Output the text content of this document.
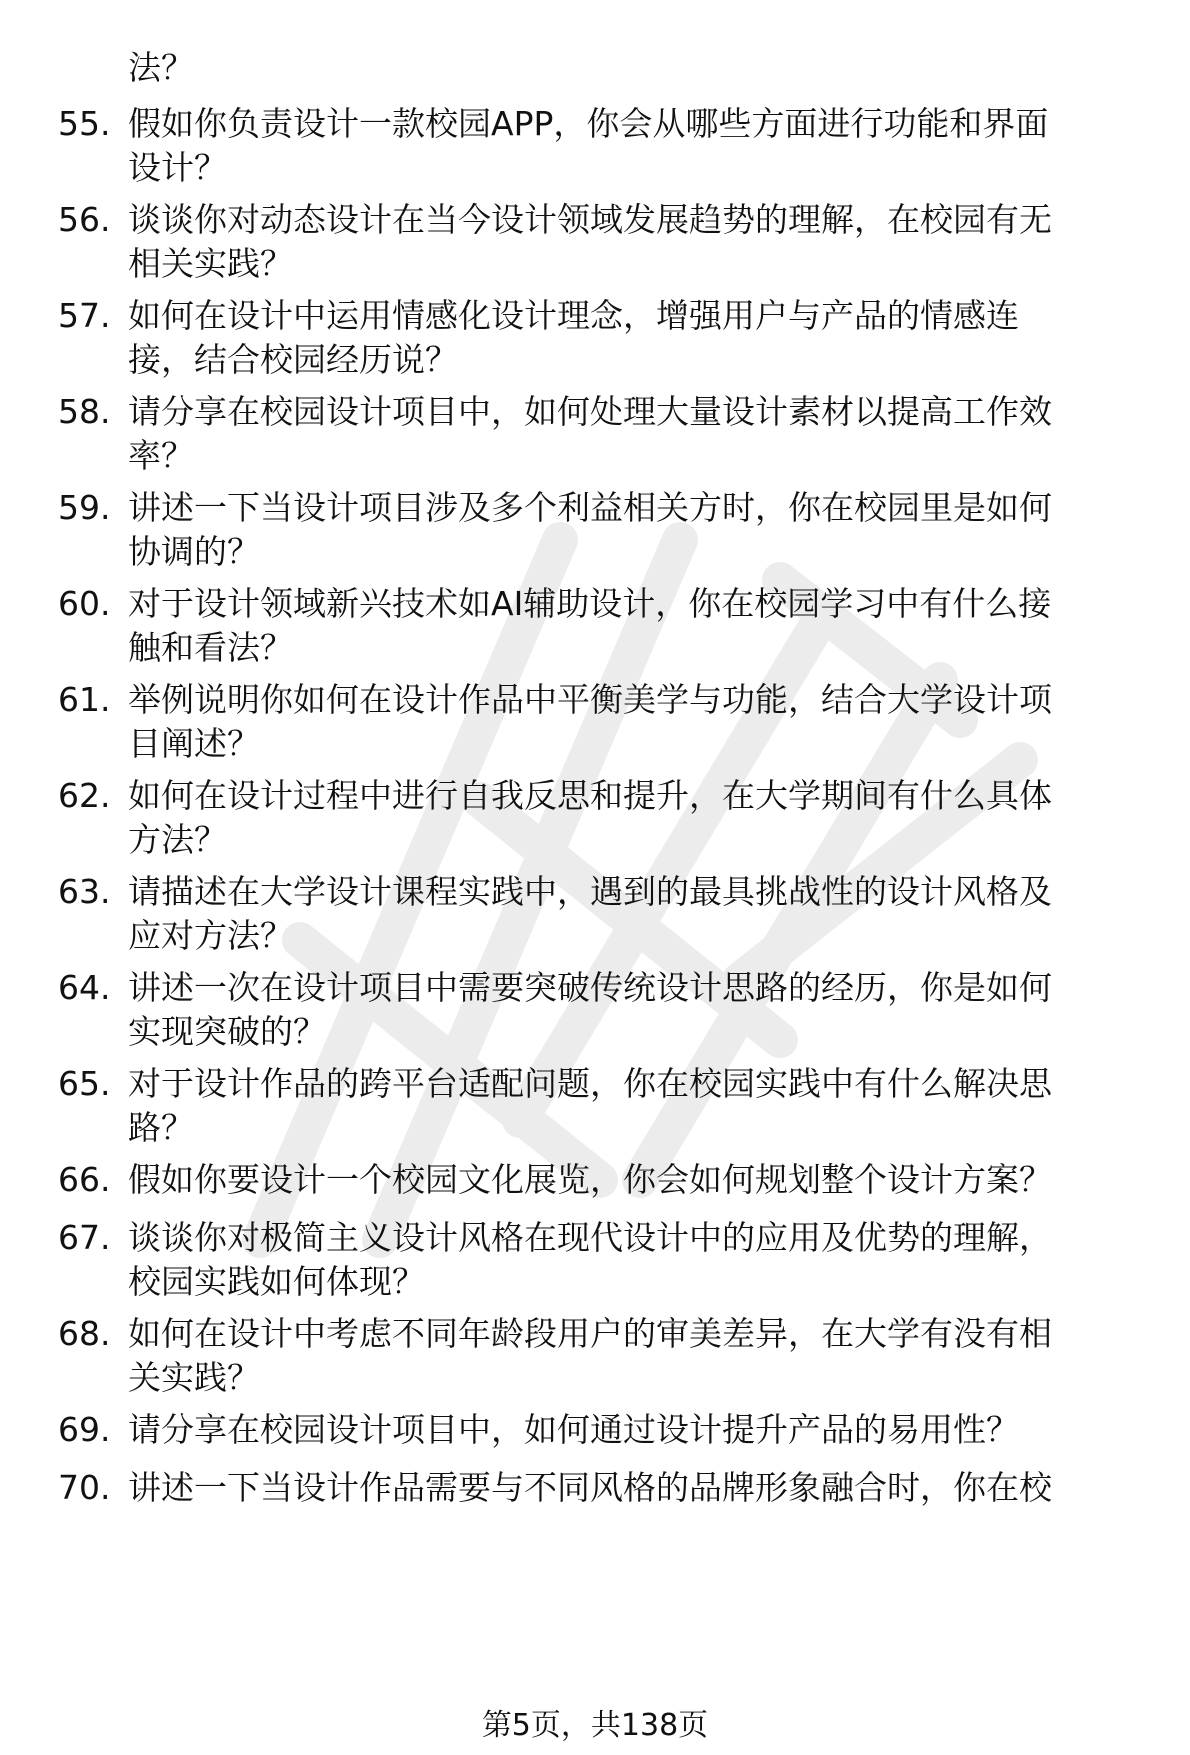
法？
55. 假如你负责设计一款校园APP，你会从哪些方面进行功能和界面
设计？
56. 谈谈你对动态设计在当今设计领域发展趋势的理解，在校园有无
相关实践？
57. 如何在设计中运用情感化设计理念，增强用户与产品的情感连
接，结合校园经历说？
58. 请分享在校园设计项目中，如何处理大量设计素材以提高工作效
率？
59. 讲述一下当设计项目涉及多个利益相关方时，你在校园里是如何
协调的？
60. 对于设计领域新兴技术如AI辅助设计，你在校园学习中有什么接
触和看法？
61. 举例说明你如何在设计作品中平衡美学与功能，结合大学设计项
目阐述？
62. 如何在设计过程中进行自我反思和提升，在大学期间有什么具体
方法？
63. 请描述在大学设计课程实践中，遇到的最具挑战性的设计风格及
应对方法？
64. 讲述一次在设计项目中需要突破传统设计思路的经历，你是如何
实现突破的？
65. 对于设计作品的跨平台适配问题，你在校园实践中有什么解决思
路？
66. 假如你要设计一个校园文化展览，你会如何规划整个设计方案？
67. 谈谈你对极简主义设计风格在现代设计中的应用及优势的理解，
校园实践如何体现？
68. 如何在设计中考虑不同年龄段用户的审美差异，在大学有没有相
关实践？
69. 请分享在校园设计项目中，如何通过设计提升产品的易用性？
70. 讲述一下当设计作品需要与不同风格的品牌形象融合时，你在校
第5页，共138页
